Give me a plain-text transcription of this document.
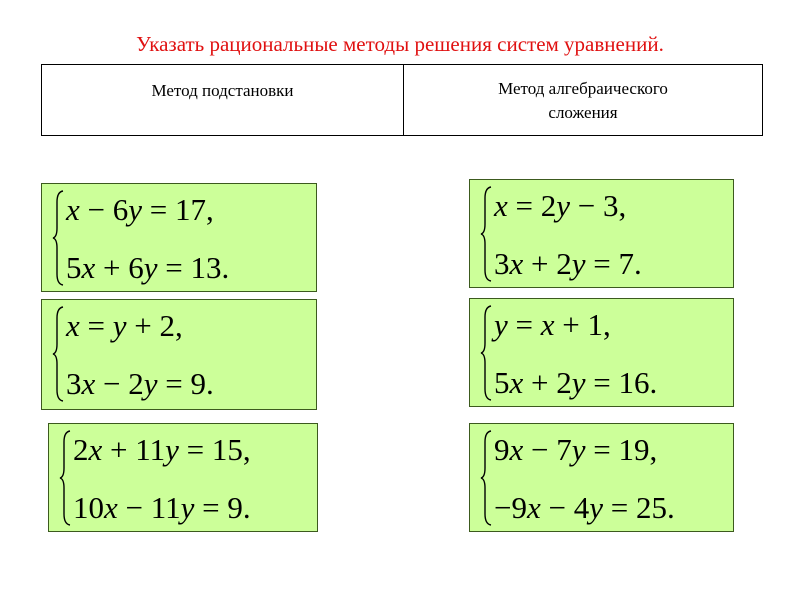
Указать рациональные методы решения систем уравнений.
Метод подстановки	Метод алгебраического
сложения
x − 6y = 17,
5x + 6y = 13.
x = 2y − 3,
3x + 2y = 7.
x = y + 2,
3x − 2y = 9.
y = x + 1,
5x + 2y = 16.
2x + 11y = 15,
10x − 11y = 9.
9x − 7y = 19,
−9x − 4y = 25.
